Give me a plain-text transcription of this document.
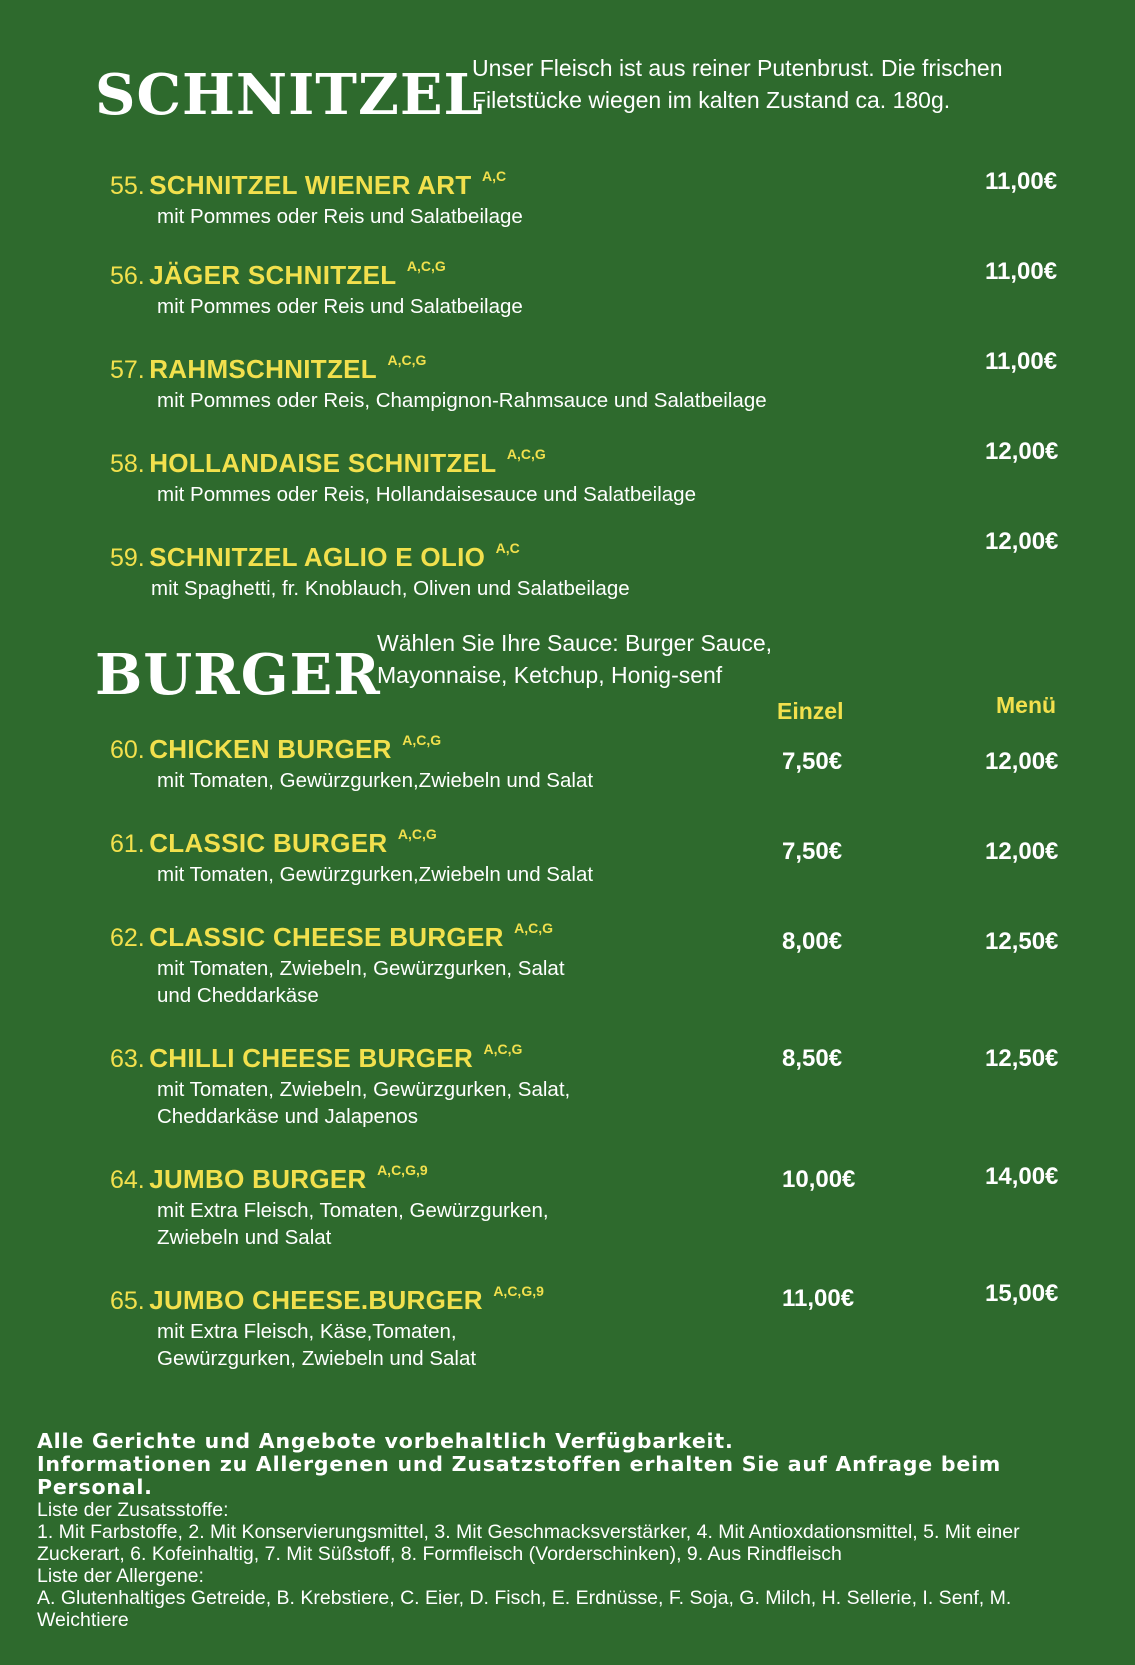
SCHNITZEL
Unser Fleisch ist aus reiner Putenbrust. Die frischen
Filetstücke wiegen im kalten Zustand ca. 180g.
55. SCHNITZEL WIENER ART A,C
mit Pommes oder Reis und Salatbeilage
11,00€
56. JÄGER SCHNITZEL A,C,G
mit Pommes oder Reis und Salatbeilage
11,00€
57. RAHMSCHNITZEL A,C,G
mit Pommes oder Reis, Champignon-Rahmsauce und Salatbeilage
11,00€
58. HOLLANDAISE SCHNITZEL A,C,G
mit Pommes oder Reis, Hollandaisesauce und Salatbeilage
12,00€
59. SCHNITZEL AGLIO E OLIO A,C
mit Spaghetti, fr. Knoblauch, Oliven und Salatbeilage
12,00€
BURGER
Wählen Sie Ihre Sauce: Burger Sauce,
Mayonnaise, Ketchup, Honig-senf
Einzel	Menü
60. CHICKEN BURGER A,C,G
mit Tomaten, Gewürzgurken,Zwiebeln und Salat
7,50€	12,00€
61. CLASSIC BURGER A,C,G
mit Tomaten, Gewürzgurken,Zwiebeln und Salat
7,50€	12,00€
62. CLASSIC CHEESE BURGER A,C,G
mit Tomaten, Zwiebeln, Gewürzgurken, Salat
und Cheddarkäse
8,00€	12,50€
63. CHILLI CHEESE BURGER A,C,G
mit Tomaten, Zwiebeln, Gewürzgurken, Salat,
Cheddarkäse und Jalapenos
8,50€	12,50€
64. JUMBO BURGER A,C,G,9
mit Extra Fleisch, Tomaten, Gewürzgurken,
Zwiebeln und Salat
10,00€	14,00€
65. JUMBO CHEESE.BURGER A,C,G,9
mit Extra Fleisch, Käse,Tomaten,
Gewürzgurken, Zwiebeln und Salat
11,00€	15,00€
Alle Gerichte und Angebote vorbehaltlich Verfügbarkeit.
Informationen zu Allergenen und Zusatzstoffen erhalten Sie auf Anfrage beim Personal.
Liste der Zusatsstoffe:
1. Mit Farbstoffe, 2. Mit Konservierungsmittel, 3. Mit Geschmacksverstärker, 4. Mit Antioxdationsmittel, 5. Mit einer Zuckerart, 6. Kofeinhaltig, 7. Mit Süßstoff, 8. Formfleisch (Vorderschinken), 9. Aus Rindfleisch
Liste der Allergene:
A. Glutenhaltiges Getreide, B. Krebstiere, C. Eier, D. Fisch, E. Erdnüsse, F. Soja, G. Milch, H. Sellerie, I. Senf, M. Weichtiere
